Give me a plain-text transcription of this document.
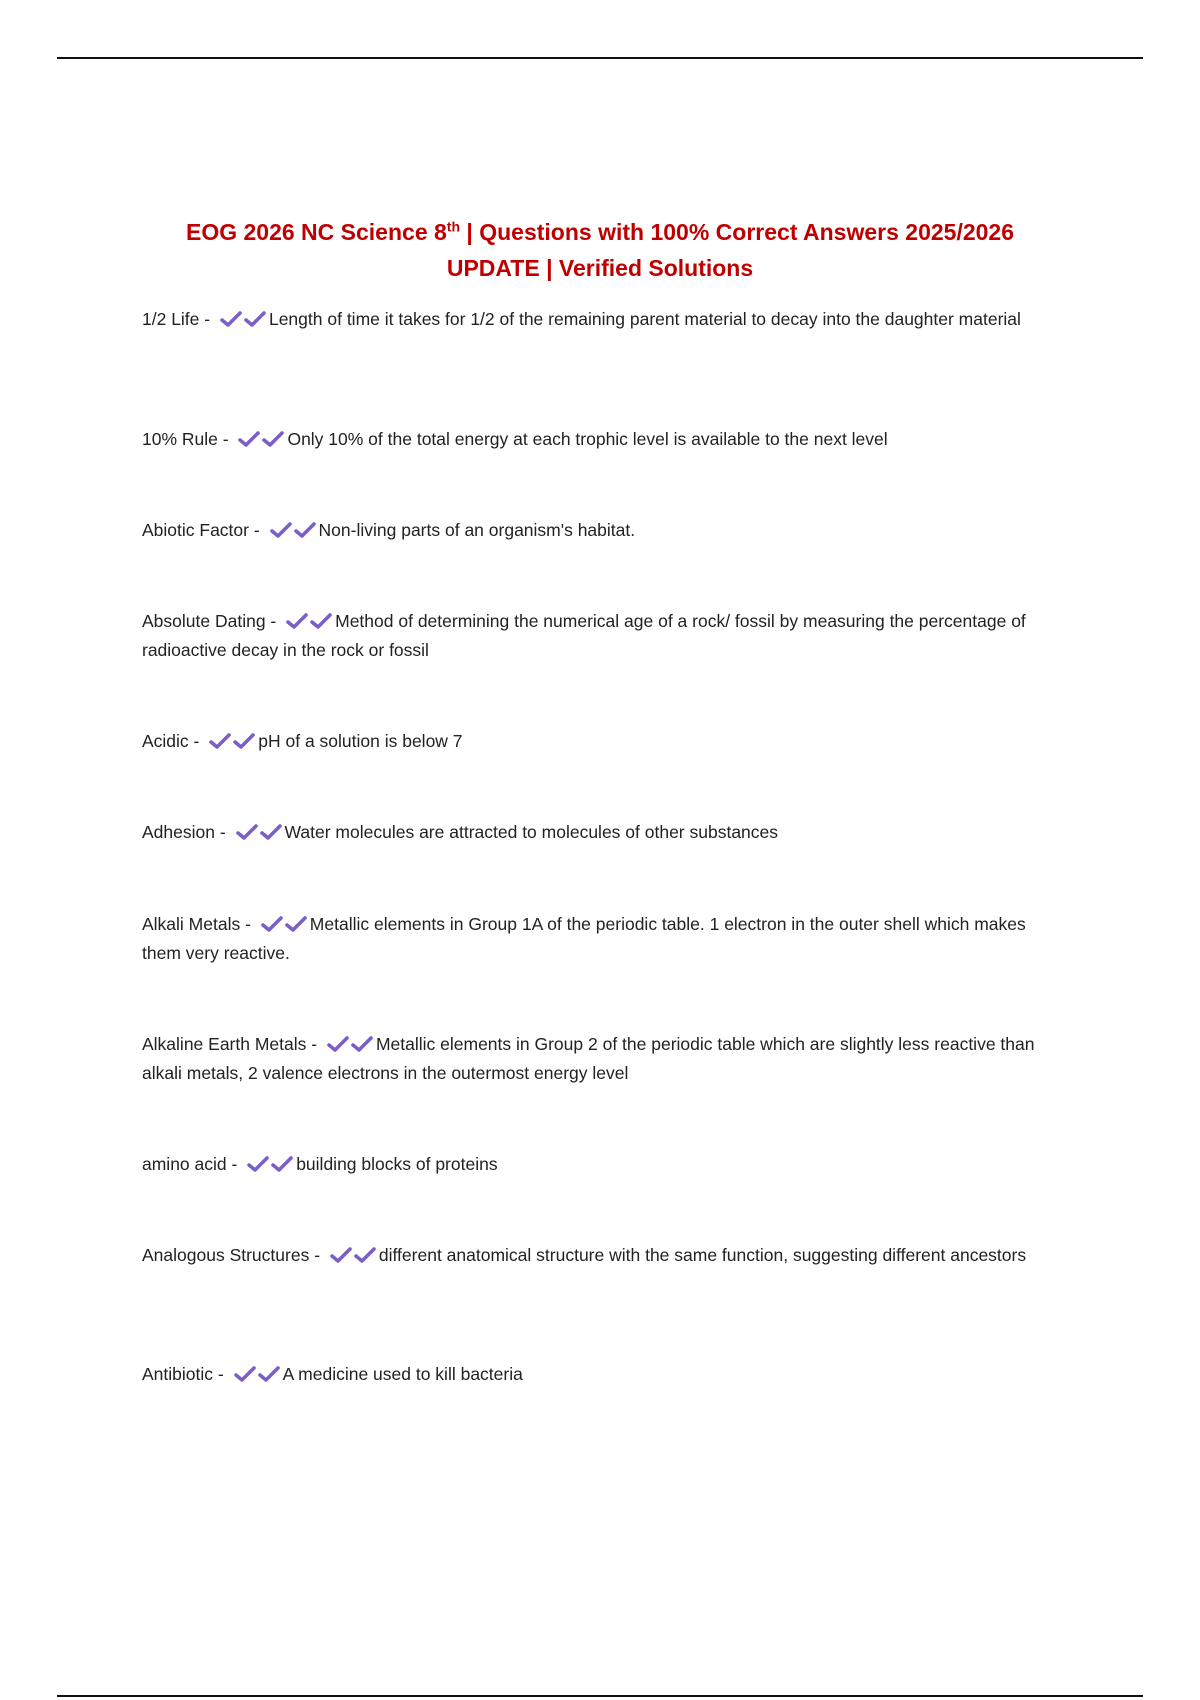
EOG 2026 NC Science 8th | Questions with 100% Correct Answers 2025/2026 UPDATE | Verified Solutions
1/2 Life -	Length of time it takes for 1/2 of the remaining parent material to decay into the daughter material
10% Rule -	Only 10% of the total energy at each trophic level is available to the next level
Abiotic Factor -	Non-living parts of an organism's habitat.
Absolute Dating -	Method of determining the numerical age of a rock/ fossil by measuring the percentage of radioactive decay in the rock or fossil
Acidic -	pH of a solution is below 7
Adhesion -	Water molecules are attracted to molecules of other substances
Alkali Metals -	Metallic elements in Group 1A of the periodic table. 1 electron in the outer shell which makes them very reactive.
Alkaline Earth Metals -	Metallic elements in Group 2 of the periodic table which are slightly less reactive than alkali metals, 2 valence electrons in the outermost energy level
amino acid -	building blocks of proteins
Analogous Structures -	different anatomical structure with the same function, suggesting different ancestors
Antibiotic -	A medicine used to kill bacteria
